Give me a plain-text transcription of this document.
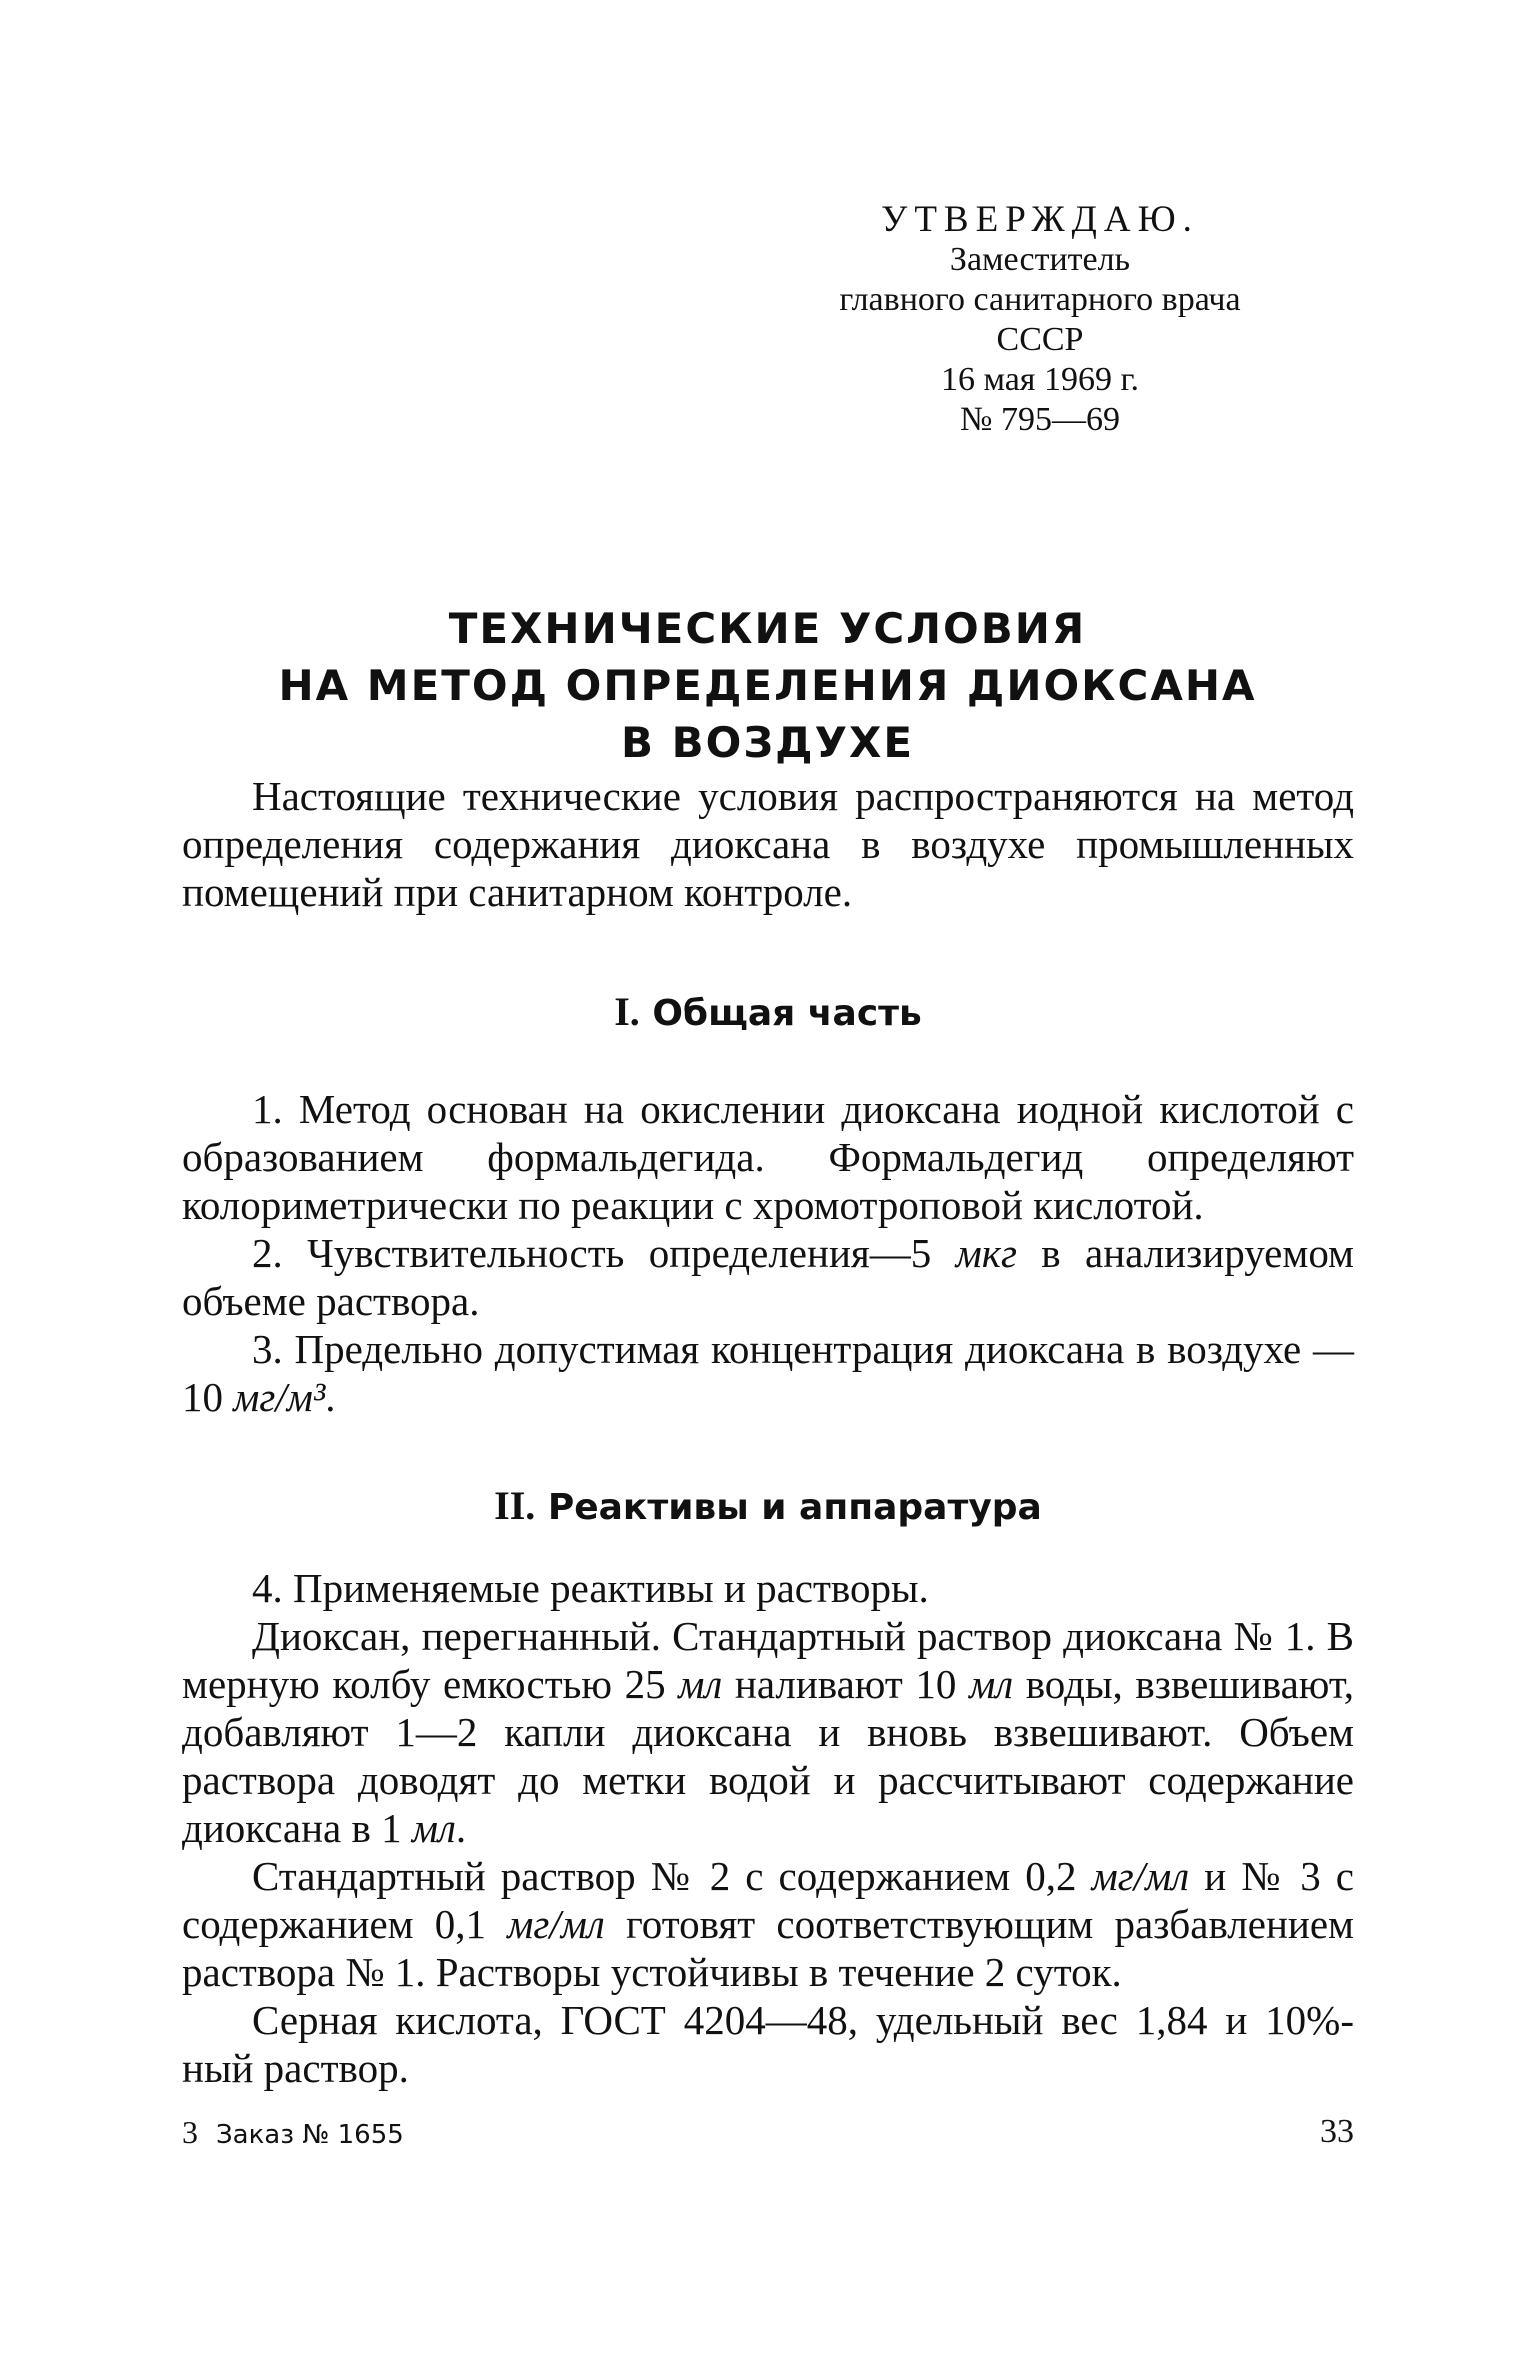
УТВЕРЖДАЮ.
Заместитель
главного санитарного врача
СССР
16 мая 1969 г.
№ 795—69
ТЕХНИЧЕСКИЕ УСЛОВИЯ
НА МЕТОД ОПРЕДЕЛЕНИЯ ДИОКСАНА
В ВОЗДУХЕ

Настоящие технические условия распространяются на метод определения содержания диоксана в воздухе промышленных помещений при санитарном контроле.

I. Общая часть

1. Метод основан на окислении диоксана иодной кислотой с образованием формальдегида. Формальдегид определяют колориметрически по реакции с хромотроповой кислотой.

2. Чувствительность определения—5 мкг в анализируемом объеме раствора.

3. Предельно допустимая концентрация диоксана в воздухе — 10 мг/м³.

II. Реактивы и аппаратура

4. Применяемые реактивы и растворы.

Диоксан, перегнанный. Стандартный раствор диоксана № 1. В мерную колбу емкостью 25 мл наливают 10 мл воды, взвешивают, добавляют 1—2 капли диоксана и вновь взвешивают. Объем раствора доводят до метки водой и рассчитывают содержание диоксана в 1 мл.

Стандартный раствор № 2 с содержанием 0,2 мг/мл и № 3 с содержанием 0,1 мг/мл готовят соответствующим разбавлением раствора № 1. Растворы устойчивы в течение 2 суток.

Серная кислота, ГОСТ 4204—48, удельный вес 1,84 и 10%-ный раствор.

3 Заказ № 1655	33
